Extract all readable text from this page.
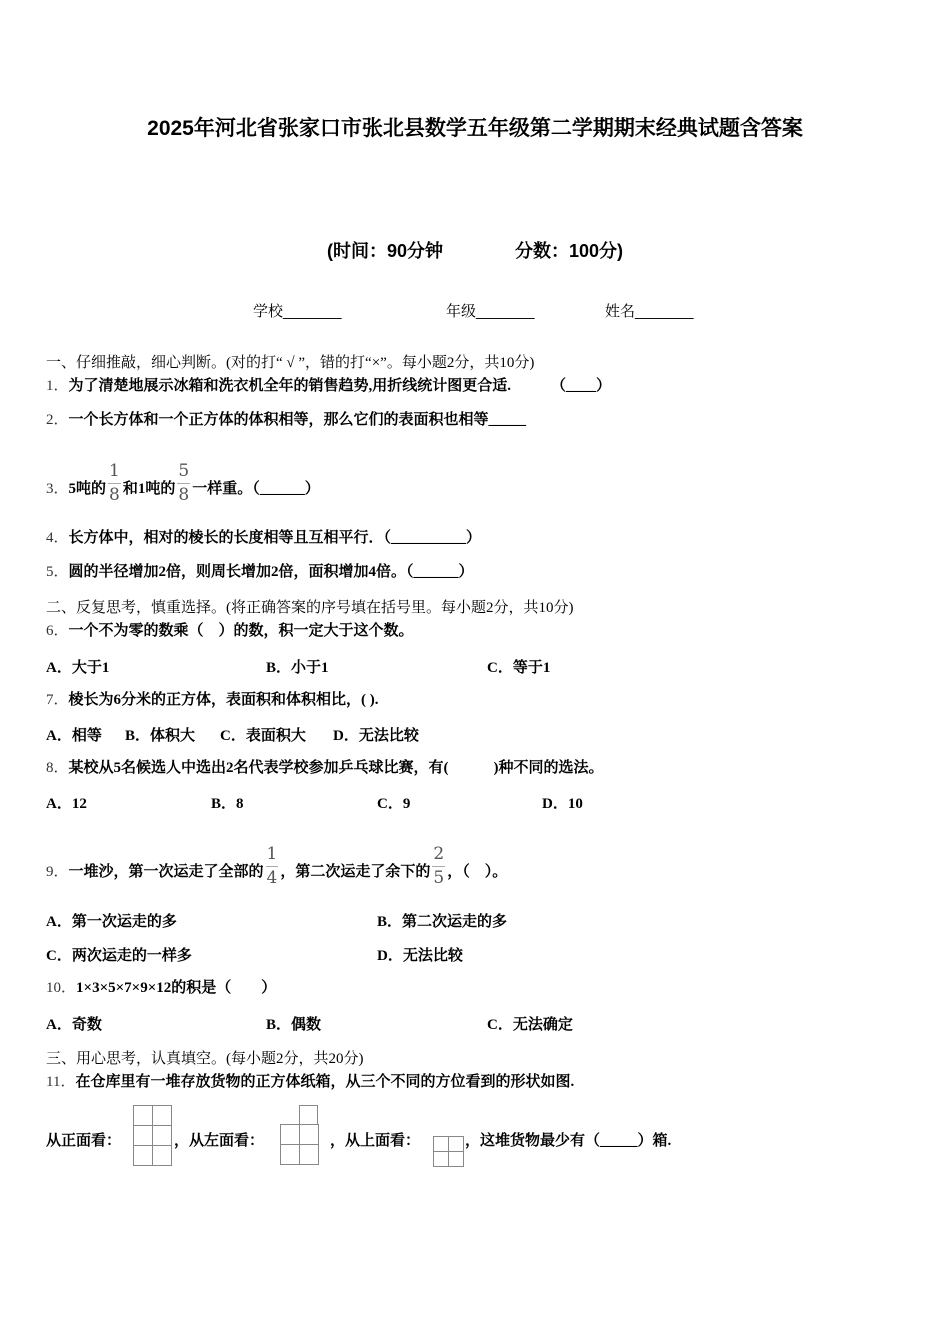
2025年河北省张家口市张北县数学五年级第二学期期末经典试题含答案
(时间：90分钟	分数：100分)
学校_______	年级_______	姓名_______
一、仔细推敲，细心判断。(对的打“ √ ”，错的打“×”。每小题2分，共10分)
1．为了清楚地展示冰箱和洗衣机全年的销售趋势,用折线统计图更合适.	（____）
2．一个长方体和一个正方体的体积相等，那么它们的表面积也相等_____
3．5吨的 $\frac{1}{8}$ 和1吨的 $\frac{5}{8}$ 一样重。（______）
4．长方体中，相对的棱长的长度相等且互相平行．（__________）
5．圆的半径增加2倍，则周长增加2倍，面积增加4倍。（______）
二、反复思考，慎重选择。(将正确答案的序号填在括号里。每小题2分，共10分)
6．一个不为零的数乘（　）的数，积一定大于这个数。
A．大于1	B．小于1	C．等于1
7．棱长为6分米的正方体，表面积和体积相比，( ).
A．相等 B．体积大 C．表面积大 D．无法比较
8．某校从5名候选人中选出2名代表学校参加乒乓球比赛，有(　　　)种不同的选法。
A．12	B．8	C．9	D．10
9．一堆沙，第一次运走了全部的 $\frac{1}{4}$ ，第二次运走了余下的 $\frac{2}{5}$ ，（　）。
A．第一次运走的多	B．第二次运走的多
C．两次运走的一样多	D．无法比较
10．1×3×5×7×9×12的积是（　　）
A．奇数	B．偶数	C．无法确定
三、用心思考，认真填空。(每小题2分，共20分)
11．在仓库里有一堆存放货物的正方体纸箱，从三个不同的方位看到的形状如图.
从正面看：	，从左面看：	，从上面看：	，这堆货物最少有（_____）箱.
